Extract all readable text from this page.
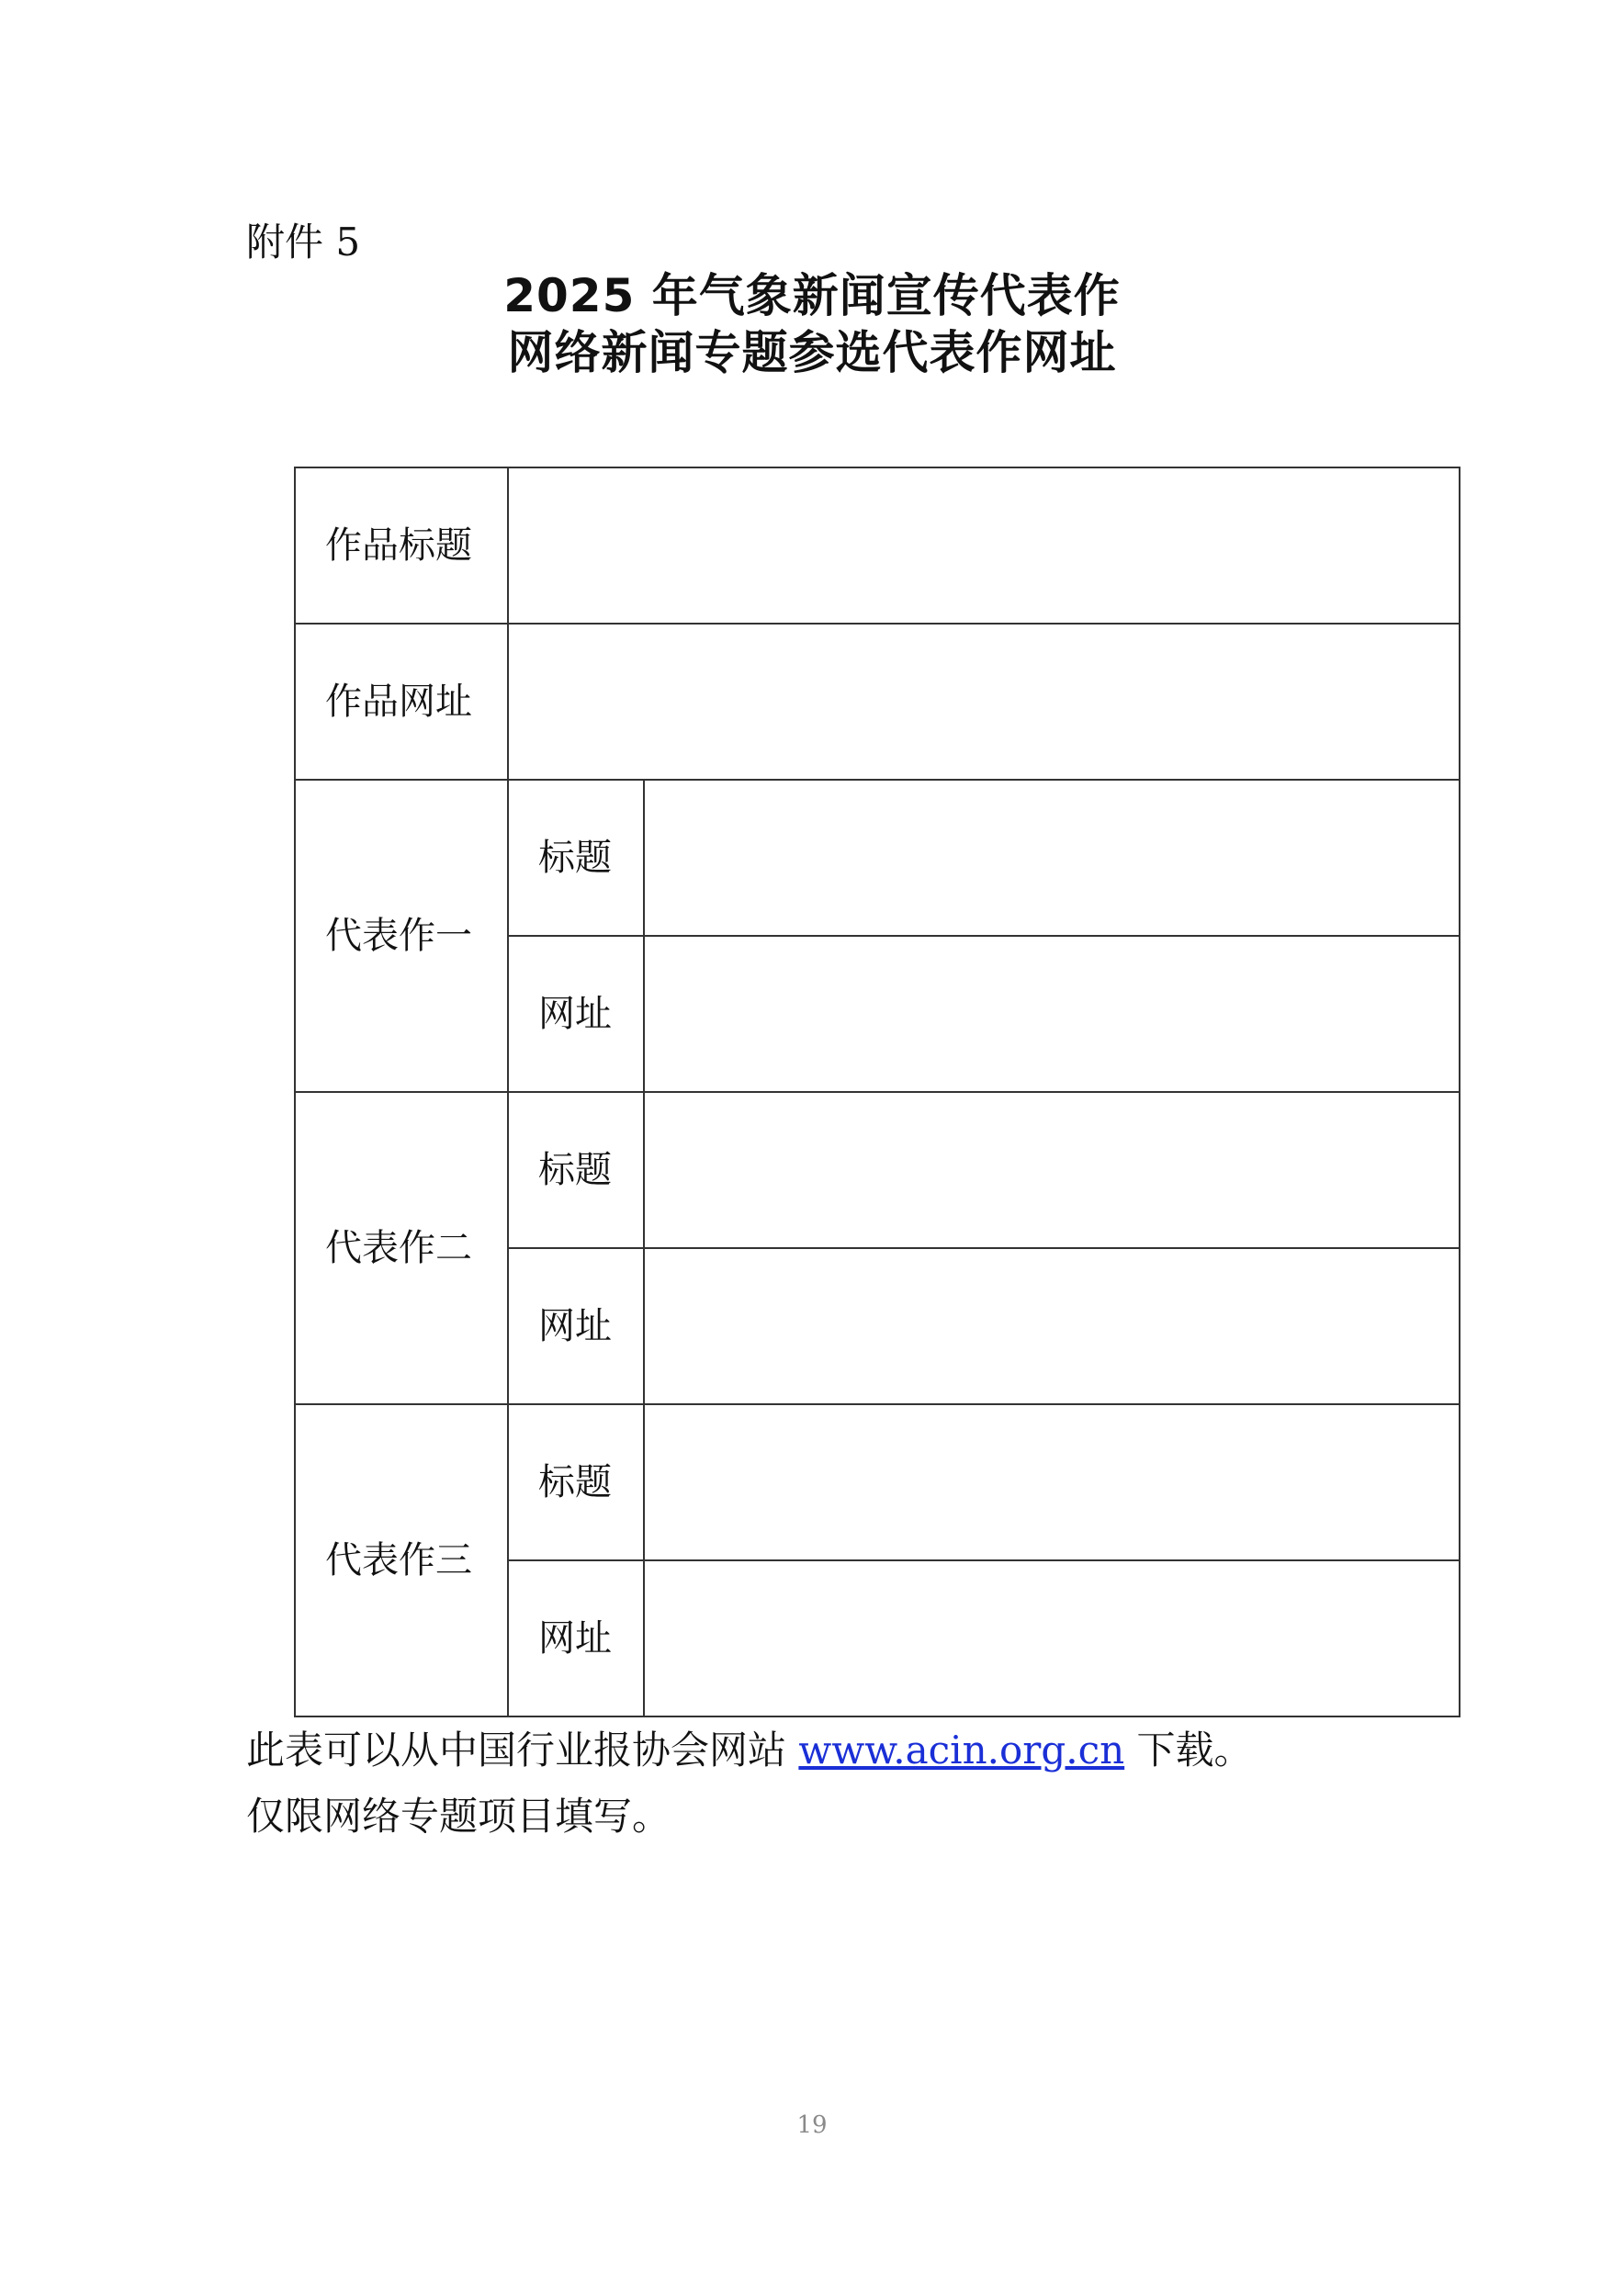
附件 5
2025 年气象新闻宣传代表作
网络新闻专题参选代表作网址
作品标题		
作品网址		
代表作一	标题	
	网址	
代表作二	标题	
	网址	
代表作三	标题	
	网址	
此表可以从中国行业报协会网站 www.acin.org.cn 下载。
仅限网络专题项目填写。
19
